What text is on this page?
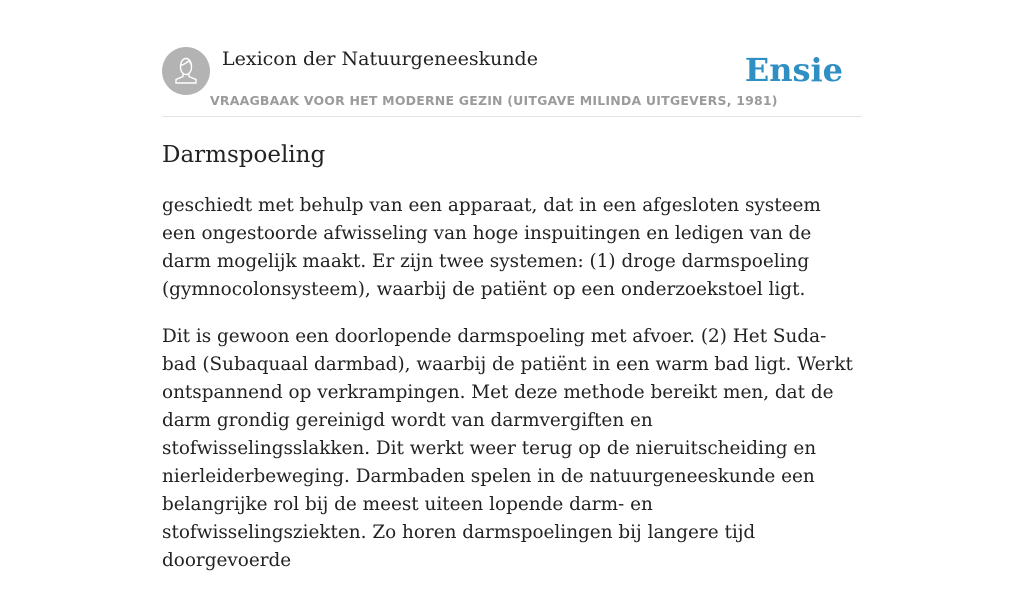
Lexicon der Natuurgeneeskunde
VRAAGBAAK VOOR HET MODERNE GEZIN (UITGAVE MILINDA UITGEVERS, 1981)
Ensie
Darmspoeling

geschiedt met behulp van een apparaat, dat in een afgesloten systeem een ongestoorde afwisseling van hoge inspuitingen en ledigen van de darm mogelijk maakt. Er zijn twee systemen: (1) droge darmspoeling (gymnocolonsysteem), waarbij de patiënt op een onderzoekstoel ligt.

Dit is gewoon een doorlopende darmspoeling met afvoer. (2) Het Suda-bad (Subaquaal darmbad), waarbij de patiënt in een warm bad ligt. Werkt ontspannend op verkrampingen. Met deze methode bereikt men, dat de darm grondig gereinigd wordt van darmvergiften en stofwisselingsslakken. Dit werkt weer terug op de nieruitscheiding en nierleiderbeweging. Darmbaden spelen in de natuurgeneeskunde een belangrijke rol bij de meest uiteen lopende darm- en stofwisselingsziekten. Zo horen darmspoelingen bij langere tijd doorgevoerde
